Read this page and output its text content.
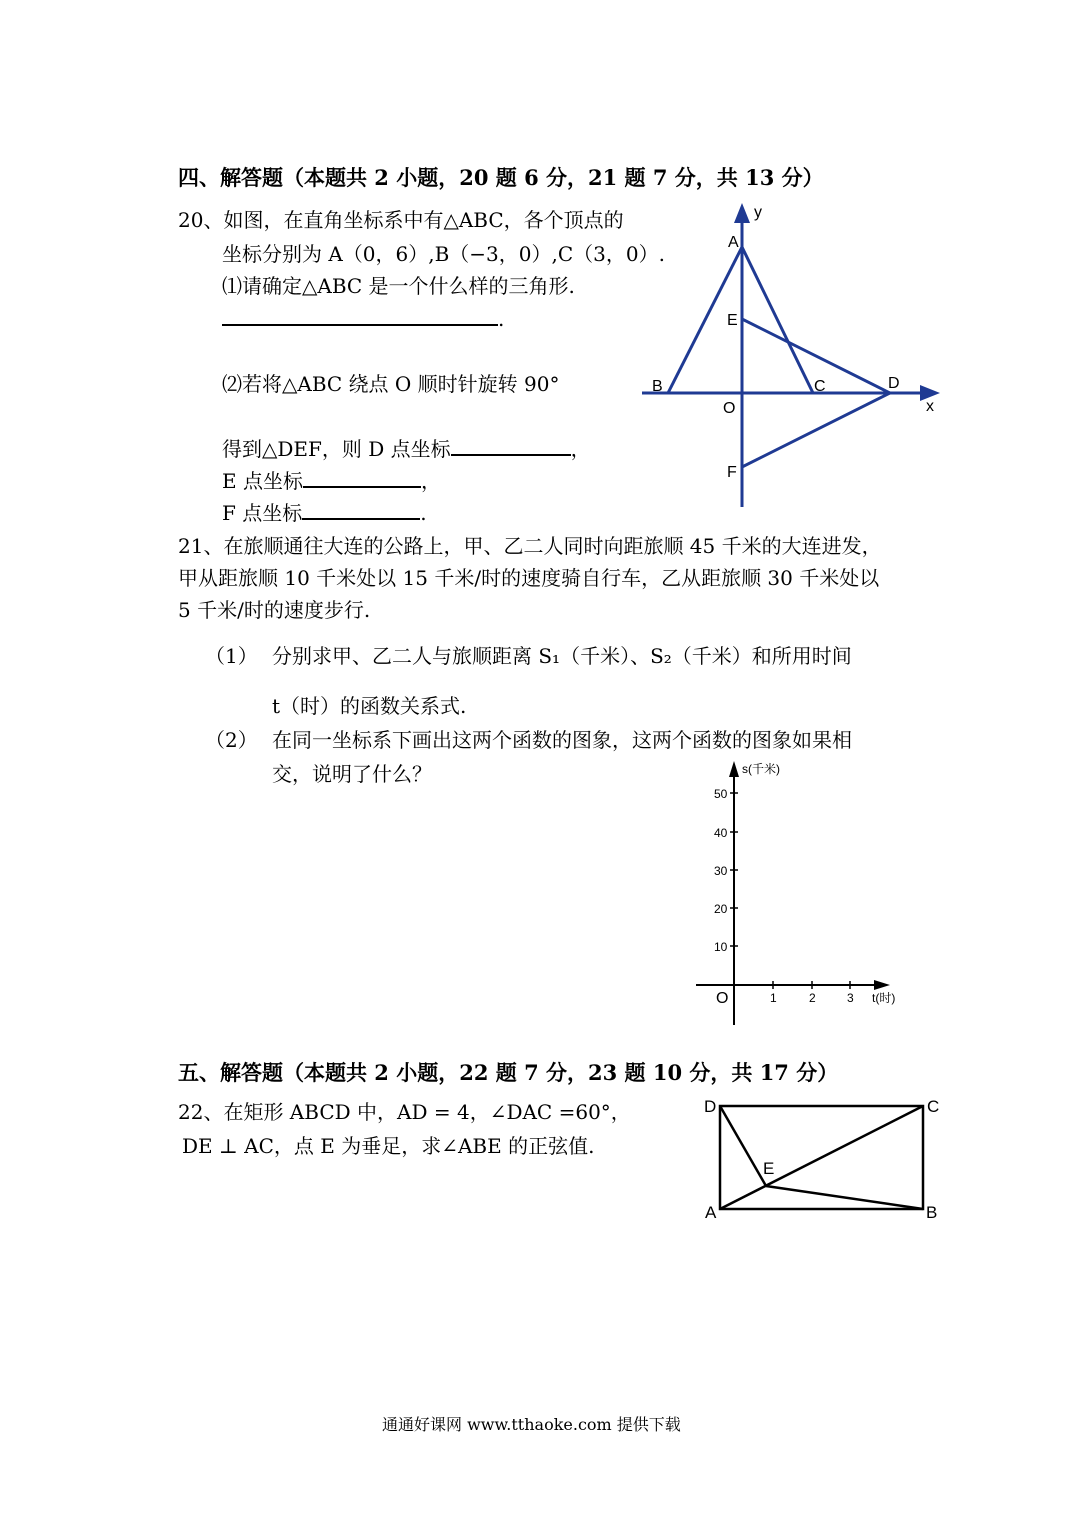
四、解答题（本题共 2 小题，20 题 6 分，21 题 7 分，共 13 分）
20、如图，在直角坐标系中有△ABC，各个顶点的
坐标分别为 A（0，6）,B（−3，0）,C（3，0）.
⑴请确定△ABC 是一个什么样的三角形.
.
⑵若将△ABC 绕点 O 顺时针旋转 90°
得到△DEF，则 D 点坐标	，
E 点坐标	，
F 点坐标	.
y
A
E
B	C	D
O	x
F
21、在旅顺通往大连的公路上，甲、乙二人同时向距旅顺 45 千米的大连进发，
甲从距旅顺 10 千米处以 15 千米/时的速度骑自行车，乙从距旅顺 30 千米处以
5 千米/时的速度步行.
（1） 分别求甲、乙二人与旅顺距离 S₁（千米）、S₂（千米）和所用时间
t（时）的函数关系式.
（2） 在同一坐标系下画出这两个函数的图象，这两个函数的图象如果相
交，说明了什么？	s(千米)
10
20
30
40
50
1	2	3 t(时)
O
五、解答题（本题共 2 小题，22 题 7 分，23 题 10 分，共 17 分）
22、在矩形 ABCD 中，AD = 4，∠DAC =60°，
DE ⊥ AC，点 E 为垂足，求∠ABE 的正弦值.
D	C
E
A	B
通通好课网 www.tthaoke.com 提供下载
